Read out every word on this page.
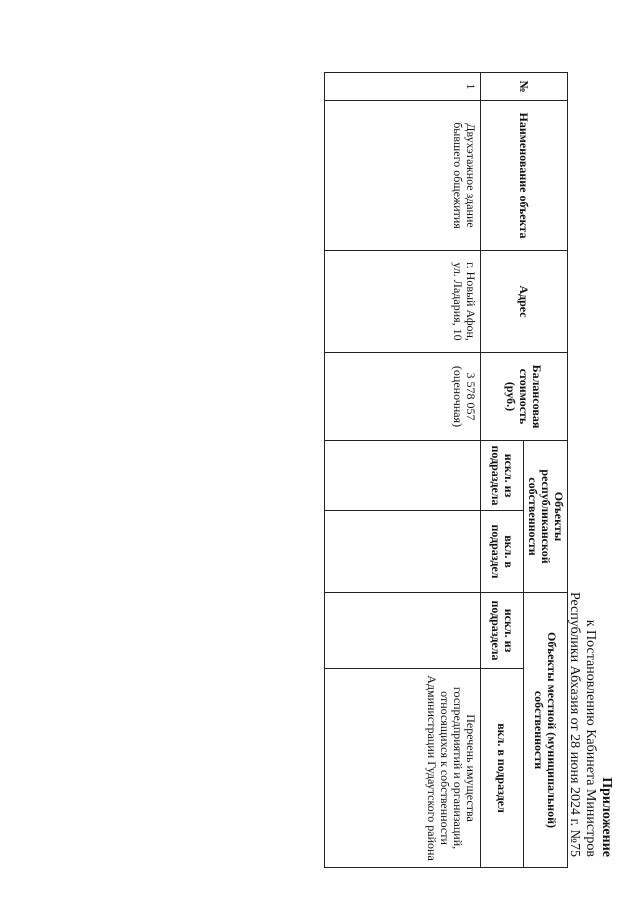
Приложение
к Постановлению Кабинета Министров
Республики Абхазия от 28 июня 2024 г. №75
№	Наименование объекта	Адрес	Балансовая стоимость (руб.)	Объекты республиканской собственности		Объекты местной (муниципальной) собственности	
				искл. из подраздела	вкл. в подраздел	искл. из подраздела	вкл. в подраздел
1	Двухэтажное здание бывшего общежития	г. Новый Афон, ул. Ладария, 10	3 578 057 (оценочная)				Перечень имущества госпредприятий и организаций, относящихся к собственности Администрации Гудаутского района
